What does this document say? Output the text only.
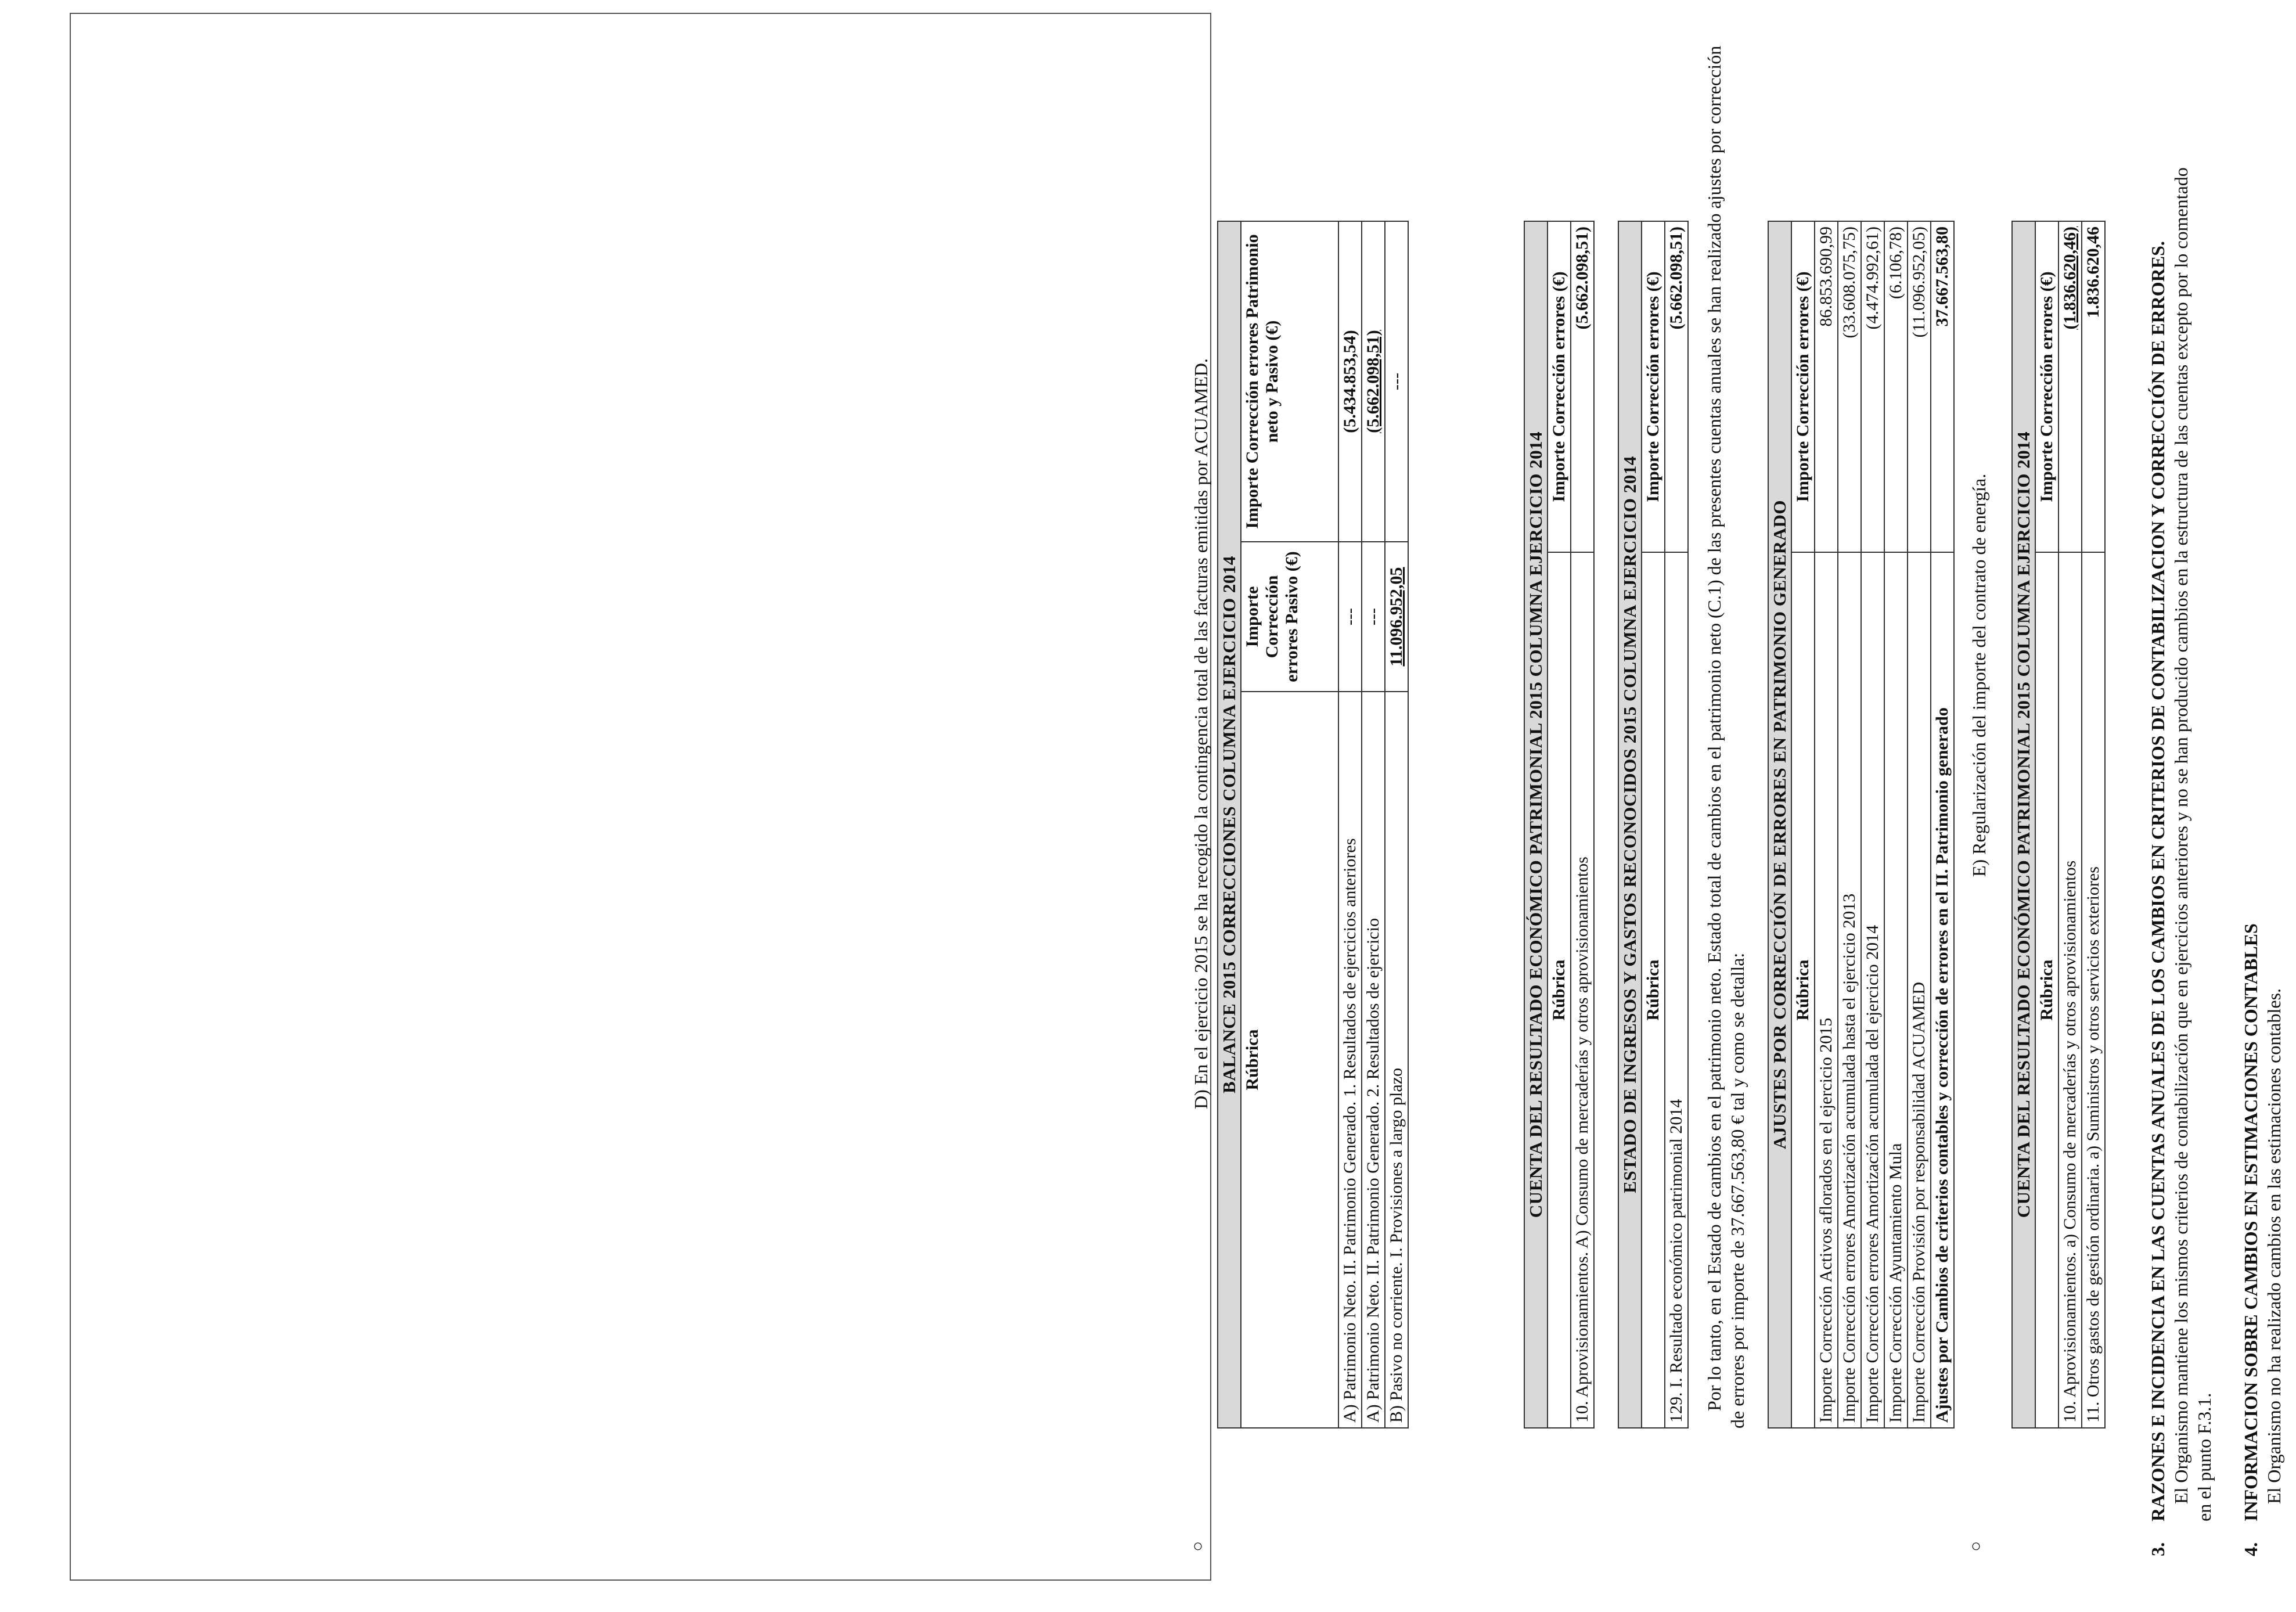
○
D) En el ejercicio 2015 se ha recogido la contingencia total de las facturas emitidas por ACUAMED. BALANCE 2015 CORRECCIONES COLUMNA EJERCICIO 2014		
Rúbrica	Importe Corrección errores Pasivo (€)	Importe Corrección errores Patrimonio neto y Pasivo (€)
A) Patrimonio Neto. II. Patrimonio Generado. 1. Resultados de ejercicios anteriores	---	(5.434.853,54)
A) Patrimonio Neto. II. Patrimonio Generado. 2. Resultados de ejercicio	---	(5.662.098,51)
B) Pasivo no corriente. I. Provisiones a largo plazo	11.096.952,05	---
CUENTA DEL RESULTADO ECONÓMICO PATRIMONIAL 2015 COLUMNA EJERCICIO 2014	
Rúbrica	Importe Corrección errores (€)
10. Aprovisionamientos. A) Consumo de mercaderías y otros aprovisionamientos	(5.662.098,51)
ESTADO DE INGRESOS Y GASTOS RECONOCIDOS 2015 COLUMNA EJERCICIO 2014	
Rúbrica	Importe Corrección errores (€)
129. I. Resultado económico patrimonial 2014	(5.662.098,51) Por lo tanto, en el Estado de cambios en el patrimonio neto. Estado total de cambios en el patrimonio neto (C.1) de las presentes cuentas anuales se han realizado ajustes por corrección de errores por importe de 37.667.563,80 € tal y como se detalla:
AJUSTES POR CORRECCIÓN DE ERRORES EN PATRIMONIO GENERADO	
Rúbrica	Importe Corrección errores (€)
Importe Corrección Activos aflorados en el ejercicio 2015	86.853.690,99
Importe Corrección errores Amortización acumulada hasta el ejercicio 2013	(33.608.075,75)
Importe Corrección errores Amortización acumulada del ejercicio 2014	(4.474.992,61)
Importe Corrección Ayuntamiento Mula	(6.106,78)
Importe Corrección Provisión por responsabilidad ACUAMED	(11.096.952,05)
Ajustes por Cambios de criterios contables y corrección de errores en el II. Patrimonio generado	37.667.563,80
○
E) Regularización del importe del contrato de energía. CUENTA DEL RESULTADO ECONÓMICO PATRIMONIAL 2015 COLUMNA EJERCICIO 2014	
Rúbrica	Importe Corrección errores (€)
10. Aprovisionamientos. a) Consumo de mercaderías y otros aprovisionamientos	(1.836.620,46)
11. Otros gastos de gestión ordinaria. a) Suministros y otros servicios exteriores	1.836.620,46
3.
RAZONES E INCIDENCIA EN LAS CUENTAS ANUALES DE LOS CAMBIOS EN CRITERIOS DE CONTABILIZACION Y CORRECCIÓN DE ERRORES. El Organismo mantiene los mismos criterios de contabilización que en ejercicios anteriores y no se han producido cambios en la estructura de las cuentas excepto por lo comentado en el punto F.3.1.
4.
INFORMACION SOBRE CAMBIOS EN ESTIMACIONES CONTABLES El Organismo no ha realizado cambios en las estimaciones contables.
